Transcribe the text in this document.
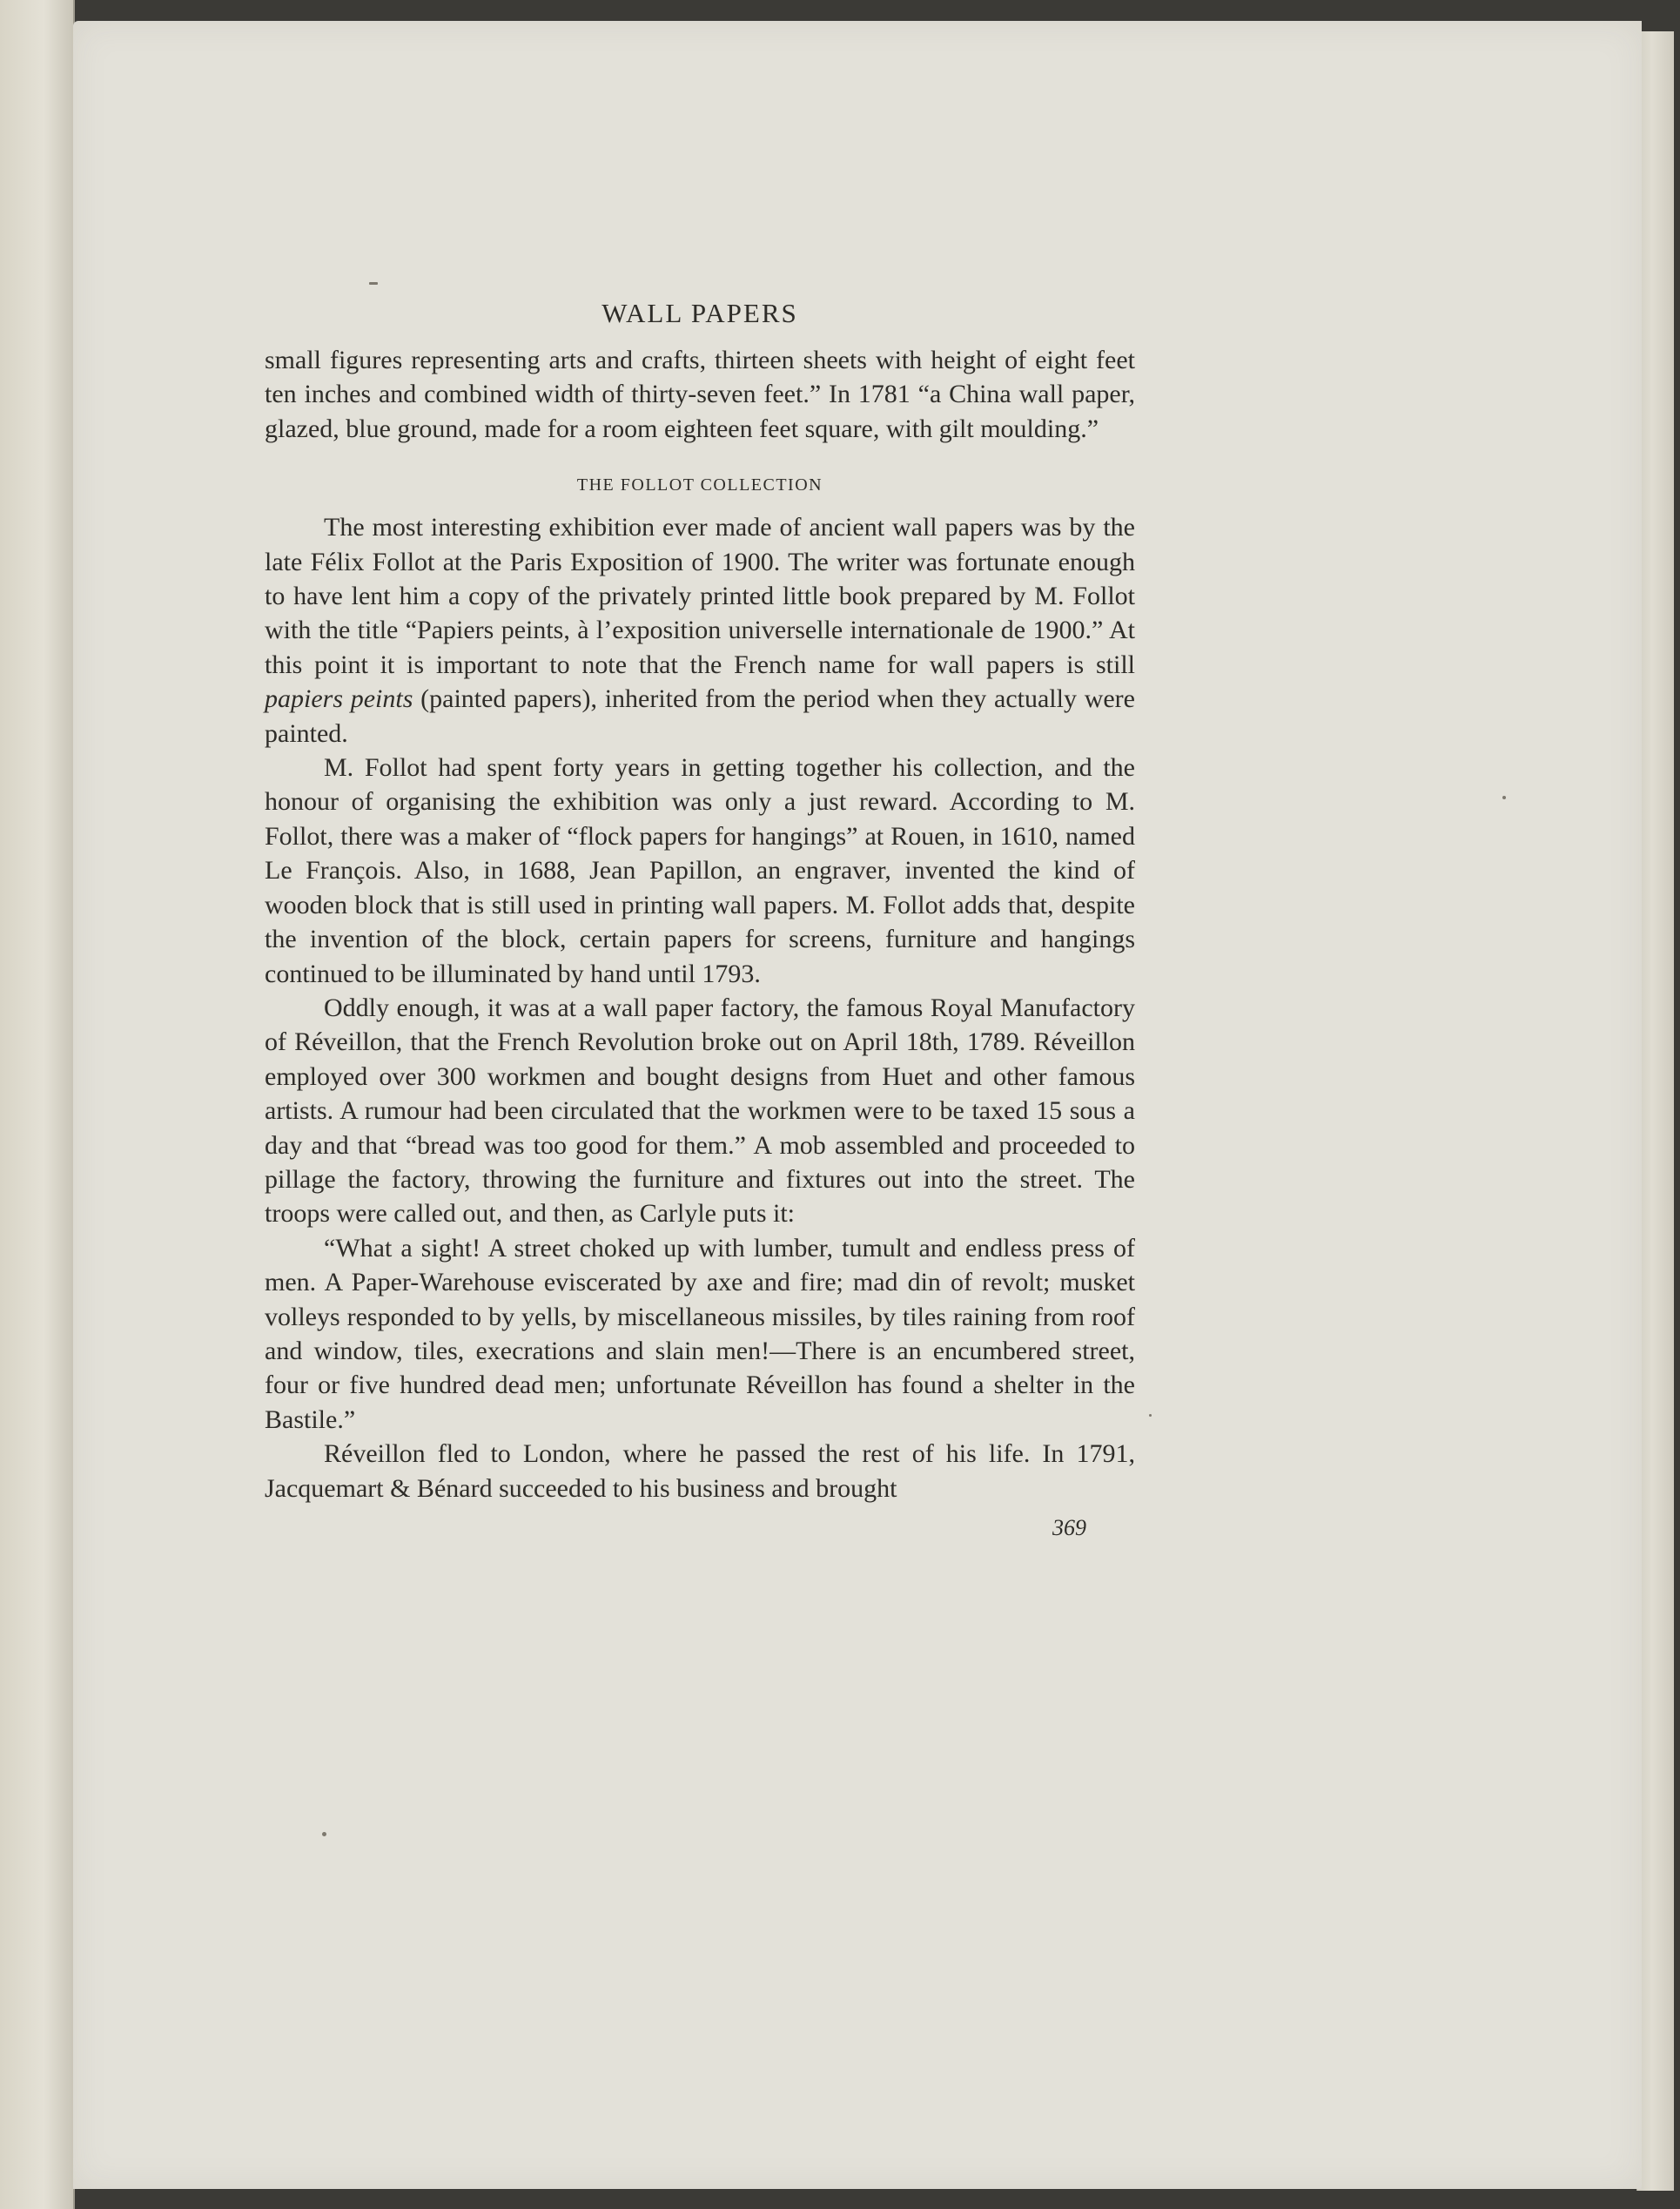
WALL PAPERS

small figures representing arts and crafts, thirteen sheets with height of eight feet ten inches and combined width of thirty-seven feet.” In 1781 “a China wall paper, glazed, blue ground, made for a room eighteen feet square, with gilt moulding.”

THE FOLLOT COLLECTION

The most interesting exhibition ever made of ancient wall papers was by the late Félix Follot at the Paris Exposition of 1900. The writer was fortunate enough to have lent him a copy of the privately printed little book prepared by M. Follot with the title “Papiers peints, à l’exposition universelle internationale de 1900.” At this point it is important to note that the French name for wall papers is still papiers peints (painted papers), inherited from the period when they actually were painted.

M. Follot had spent forty years in getting together his collection, and the honour of organising the exhibition was only a just reward. According to M. Follot, there was a maker of “flock papers for hangings” at Rouen, in 1610, named Le François. Also, in 1688, Jean Papillon, an engraver, invented the kind of wooden block that is still used in printing wall papers. M. Follot adds that, despite the invention of the block, certain papers for screens, furniture and hangings continued to be illuminated by hand until 1793.

Oddly enough, it was at a wall paper factory, the famous Royal Manufactory of Réveillon, that the French Revolution broke out on April 18th, 1789. Réveillon employed over 300 workmen and bought designs from Huet and other famous artists. A rumour had been circulated that the workmen were to be taxed 15 sous a day and that “bread was too good for them.” A mob assembled and proceeded to pillage the factory, throwing the furniture and fixtures out into the street. The troops were called out, and then, as Carlyle puts it:

“What a sight! A street choked up with lumber, tumult and endless press of men. A Paper-Warehouse eviscerated by axe and fire; mad din of revolt; musket volleys responded to by yells, by miscellaneous missiles, by tiles raining from roof and window, tiles, execrations and slain men!—There is an encumbered street, four or five hundred dead men; unfortunate Réveillon has found a shelter in the Bastile.”

Réveillon fled to London, where he passed the rest of his life. In 1791, Jacquemart & Bénard succeeded to his business and brought

369
